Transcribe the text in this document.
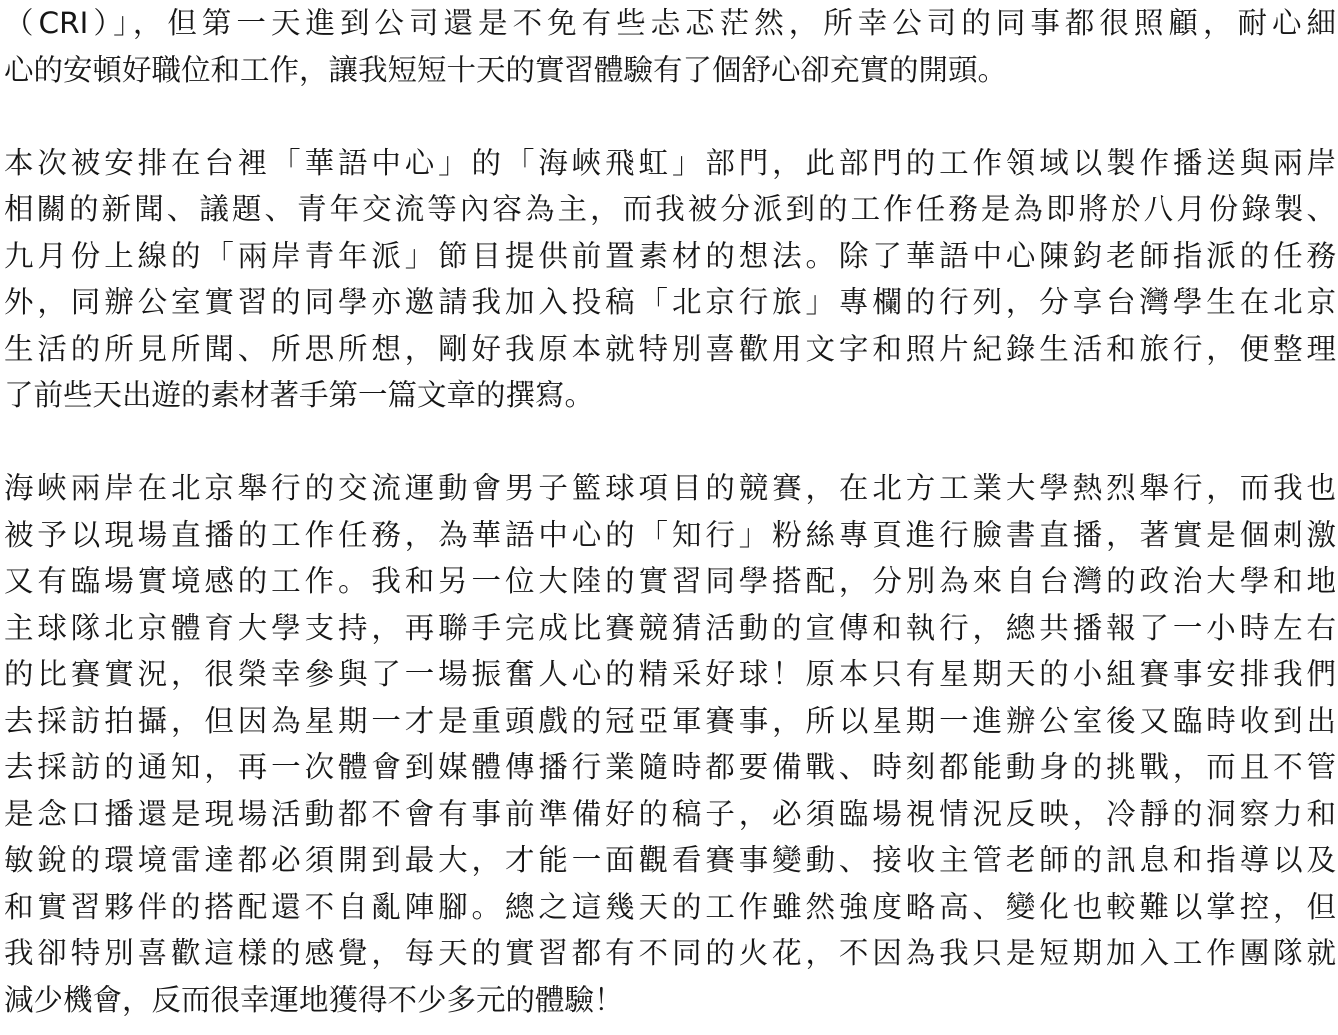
（CRI）」，但第一天進到公司還是不免有些忐忑茫然，所幸公司的同事都很照顧，耐心細
心的安頓好職位和工作，讓我短短十天的實習體驗有了個舒心卻充實的開頭。
本次被安排在台裡「華語中心」的「海峽飛虹」部門，此部門的工作領域以製作播送與兩岸
相關的新聞、議題、青年交流等內容為主，而我被分派到的工作任務是為即將於八月份錄製、
九月份上線的「兩岸青年派」節目提供前置素材的想法。除了華語中心陳鈞老師指派的任務
外，同辦公室實習的同學亦邀請我加入投稿「北京行旅」專欄的行列，分享台灣學生在北京
生活的所見所聞、所思所想，剛好我原本就特別喜歡用文字和照片紀錄生活和旅行，便整理
了前些天出遊的素材著手第一篇文章的撰寫。
海峽兩岸在北京舉行的交流運動會男子籃球項目的競賽，在北方工業大學熱烈舉行，而我也
被予以現場直播的工作任務，為華語中心的「知行」粉絲專頁進行臉書直播，著實是個刺激
又有臨場實境感的工作。我和另一位大陸的實習同學搭配，分別為來自台灣的政治大學和地
主球隊北京體育大學支持，再聯手完成比賽競猜活動的宣傳和執行，總共播報了一小時左右
的比賽實況，很榮幸參與了一場振奮人心的精采好球！原本只有星期天的小組賽事安排我們
去採訪拍攝，但因為星期一才是重頭戲的冠亞軍賽事，所以星期一進辦公室後又臨時收到出
去採訪的通知，再一次體會到媒體傳播行業隨時都要備戰、時刻都能動身的挑戰，而且不管
是念口播還是現場活動都不會有事前準備好的稿子，必須臨場視情況反映，冷靜的洞察力和
敏銳的環境雷達都必須開到最大，才能一面觀看賽事變動、接收主管老師的訊息和指導以及
和實習夥伴的搭配還不自亂陣腳。總之這幾天的工作雖然強度略高、變化也較難以掌控，但
我卻特別喜歡這樣的感覺，每天的實習都有不同的火花，不因為我只是短期加入工作團隊就
減少機會，反而很幸運地獲得不少多元的體驗！
